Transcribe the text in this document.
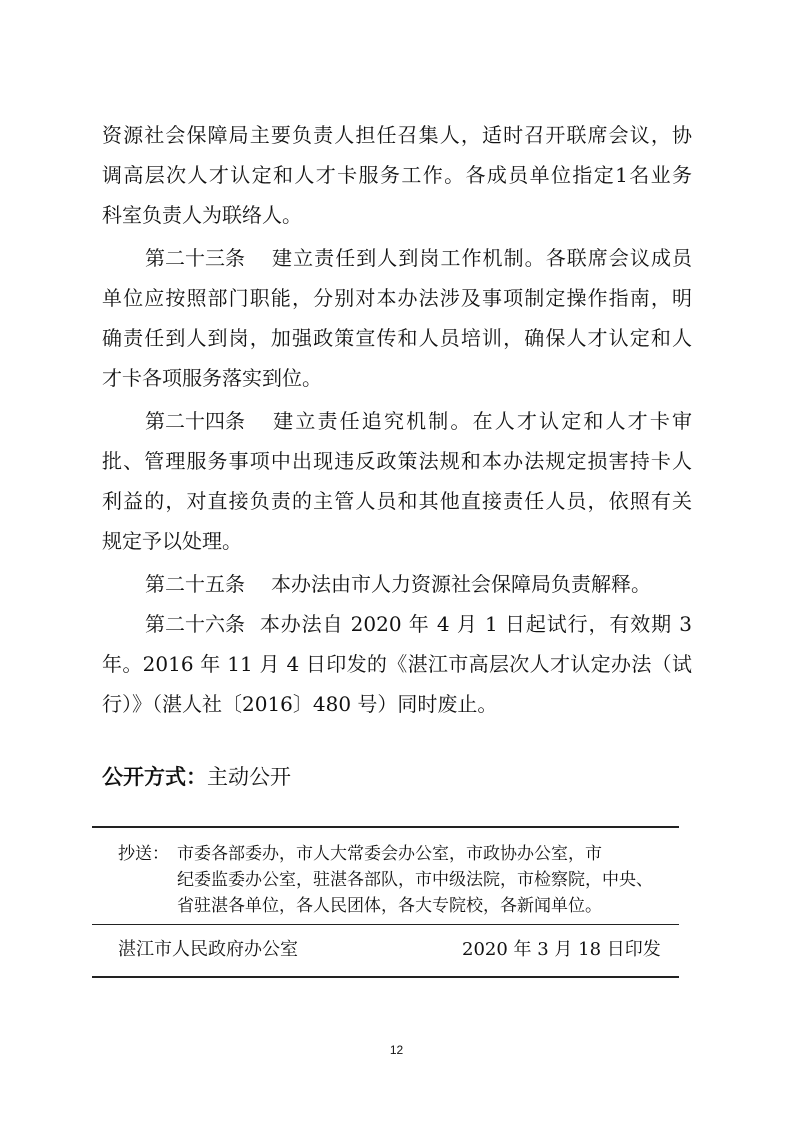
资源社会保障局主要负责人担任召集人，适时召开联席会议，协
调高层次人才认定和人才卡服务工作。各成员单位指定1名业务
科室负责人为联络人。
第二十三条 建立责任到人到岗工作机制。各联席会议成员
单位应按照部门职能，分别对本办法涉及事项制定操作指南，明
确责任到人到岗，加强政策宣传和人员培训，确保人才认定和人
才卡各项服务落实到位。
第二十四条 建立责任追究机制。在人才认定和人才卡审
批、管理服务事项中出现违反政策法规和本办法规定损害持卡人
利益的，对直接负责的主管人员和其他直接责任人员，依照有关
规定予以处理。
第二十五条 本办法由市人力资源社会保障局负责解释。
第二十六条 本办法自 2020 年 4 月 1 日起试行，有效期 3
年。2016 年 11 月 4 日印发的《湛江市高层次人才认定办法（试
行）》（湛人社〔2016〕480 号）同时废止。
公开方式：主动公开
抄送： 市委各部委办，市人大常委会办公室，市政协办公室，市
纪委监委办公室，驻湛各部队，市中级法院，市检察院，中央、
省驻湛各单位，各人民团体，各大专院校，各新闻单位。
湛江市人民政府办公室	2020 年 3 月 18 日印发
12
